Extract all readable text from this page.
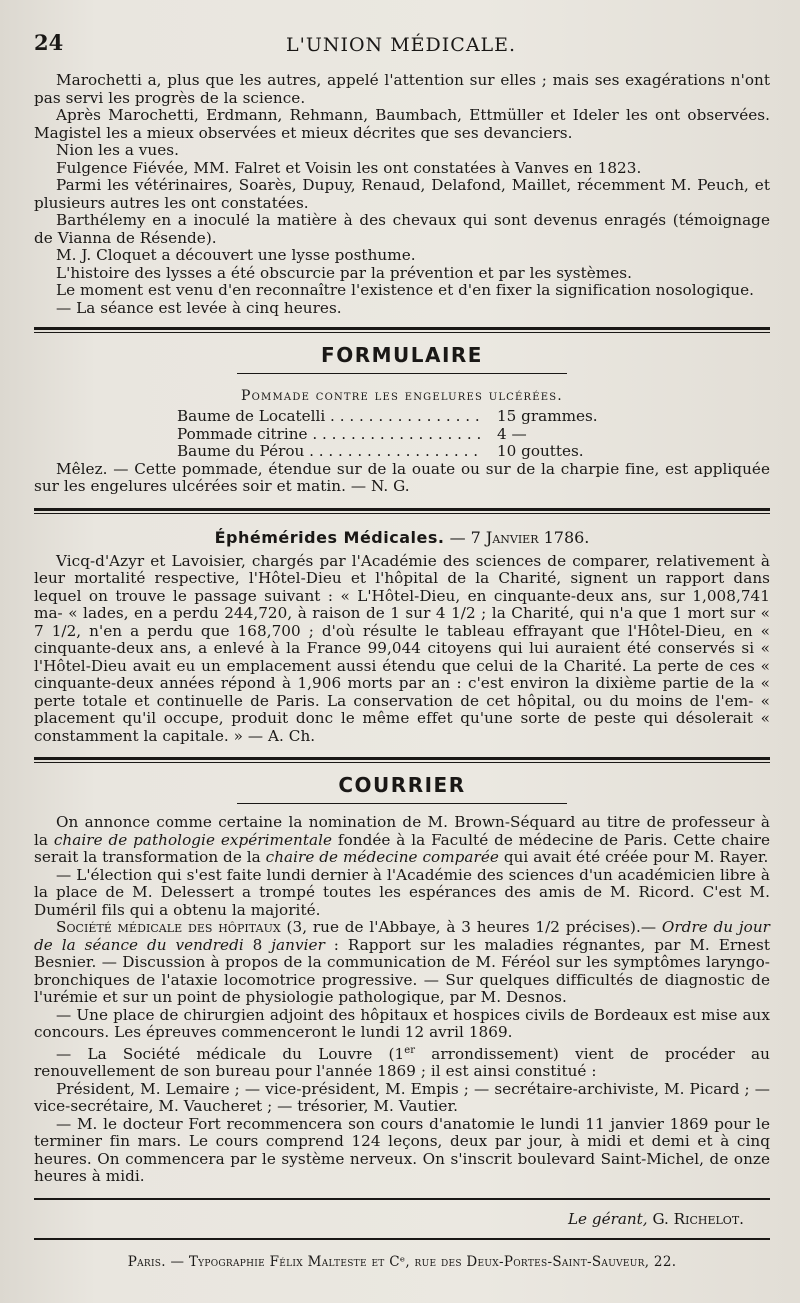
24	L'UNION MÉDICALE.

Marochetti a, plus que les autres, appelé l'attention sur elles ; mais ses exagérations n'ont pas servi les progrès de la science.

Après Marochetti, Erdmann, Rehmann, Baumbach, Ettmüller et Ideler les ont observées. Magistel les a mieux observées et mieux décrites que ses devanciers.

Nion les a vues.

Fulgence Fiévée, MM. Falret et Voisin les ont constatées à Vanves en 1823.

Parmi les vétérinaires, Soarès, Dupuy, Renaud, Delafond, Maillet, récemment M. Peuch, et plusieurs autres les ont constatées.

Barthélemy en a inoculé la matière à des chevaux qui sont devenus enragés (témoignage de Vianna de Résende).

M. J. Cloquet a découvert une lysse posthume.

L'histoire des lysses a été obscurcie par la prévention et par les systèmes.

Le moment est venu d'en reconnaître l'existence et d'en fixer la signification nosologique.

— La séance est levée à cinq heures.

FORMULAIRE
Pommade contre les engelures ulcérées.
Baume de Locatelli . . . . . . . . . . . . . . . .	15 grammes.
Pommade citrine . . . . . . . . . . . . . . . . . .	4 —
Baume du Pérou . . . . . . . . . . . . . . . . . .	10 gouttes.

Mêlez. — Cette pommade, étendue sur de la ouate ou sur de la charpie fine, est appliquée sur les engelures ulcérées soir et matin. — N. G.

Éphémérides Médicales. — 7 Janvier 1786.

Vicq-d'Azyr et Lavoisier, chargés par l'Académie des sciences de comparer, relativement à leur mortalité respective, l'Hôtel-Dieu et l'hôpital de la Charité, signent un rapport dans lequel on trouve le passage suivant : « L'Hôtel-Dieu, en cinquante-deux ans, sur 1,008,741 ma- « lades, en a perdu 244,720, à raison de 1 sur 4 1/2 ; la Charité, qui n'a que 1 mort sur « 7 1/2, n'en a perdu que 168,700 ; d'où résulte le tableau effrayant que l'Hôtel-Dieu, en « cinquante-deux ans, a enlevé à la France 99,044 citoyens qui lui auraient été conservés si « l'Hôtel-Dieu avait eu un emplacement aussi étendu que celui de la Charité. La perte de ces « cinquante-deux années répond à 1,906 morts par an : c'est environ la dixième partie de la « perte totale et continuelle de Paris. La conservation de cet hôpital, ou du moins de l'em- « placement qu'il occupe, produit donc le même effet qu'une sorte de peste qui désolerait « constamment la capitale. » — A. Ch.

COURRIER

On annonce comme certaine la nomination de M. Brown-Séquard au titre de professeur à la chaire de pathologie expérimentale fondée à la Faculté de médecine de Paris. Cette chaire serait la transformation de la chaire de médecine comparée qui avait été créée pour M. Rayer.

— L'élection qui s'est faite lundi dernier à l'Académie des sciences d'un académicien libre à la place de M. Delessert a trompé toutes les espérances des amis de M. Ricord. C'est M. Duméril fils qui a obtenu la majorité.

Société médicale des hôpitaux (3, rue de l'Abbaye, à 3 heures 1/2 précises).— Ordre du jour de la séance du vendredi 8 janvier : Rapport sur les maladies régnantes, par M. Ernest Besnier. — Discussion à propos de la communication de M. Féréol sur les symptômes laryngo-bronchiques de l'ataxie locomotrice progressive. — Sur quelques difficultés de diagnostic de l'urémie et sur un point de physiologie pathologique, par M. Desnos.

— Une place de chirurgien adjoint des hôpitaux et hospices civils de Bordeaux est mise aux concours. Les épreuves commenceront le lundi 12 avril 1869.

— La Société médicale du Louvre (1er arrondissement) vient de procéder au renouvellement de son bureau pour l'année 1869 ; il est ainsi constitué :

Président, M. Lemaire ; — vice-président, M. Empis ; — secrétaire-archiviste, M. Picard ; — vice-secrétaire, M. Vaucheret ; — trésorier, M. Vautier.

— M. le docteur Fort recommencera son cours d'anatomie le lundi 11 janvier 1869 pour le terminer fin mars. Le cours comprend 124 leçons, deux par jour, à midi et demi et à cinq heures. On commencera par le système nerveux. On s'inscrit boulevard Saint-Michel, de onze heures à midi.

Le gérant, G. Richelot.
Paris. — Typographie Félix Malteste et Cᵉ, rue des Deux-Portes-Saint-Sauveur, 22.
